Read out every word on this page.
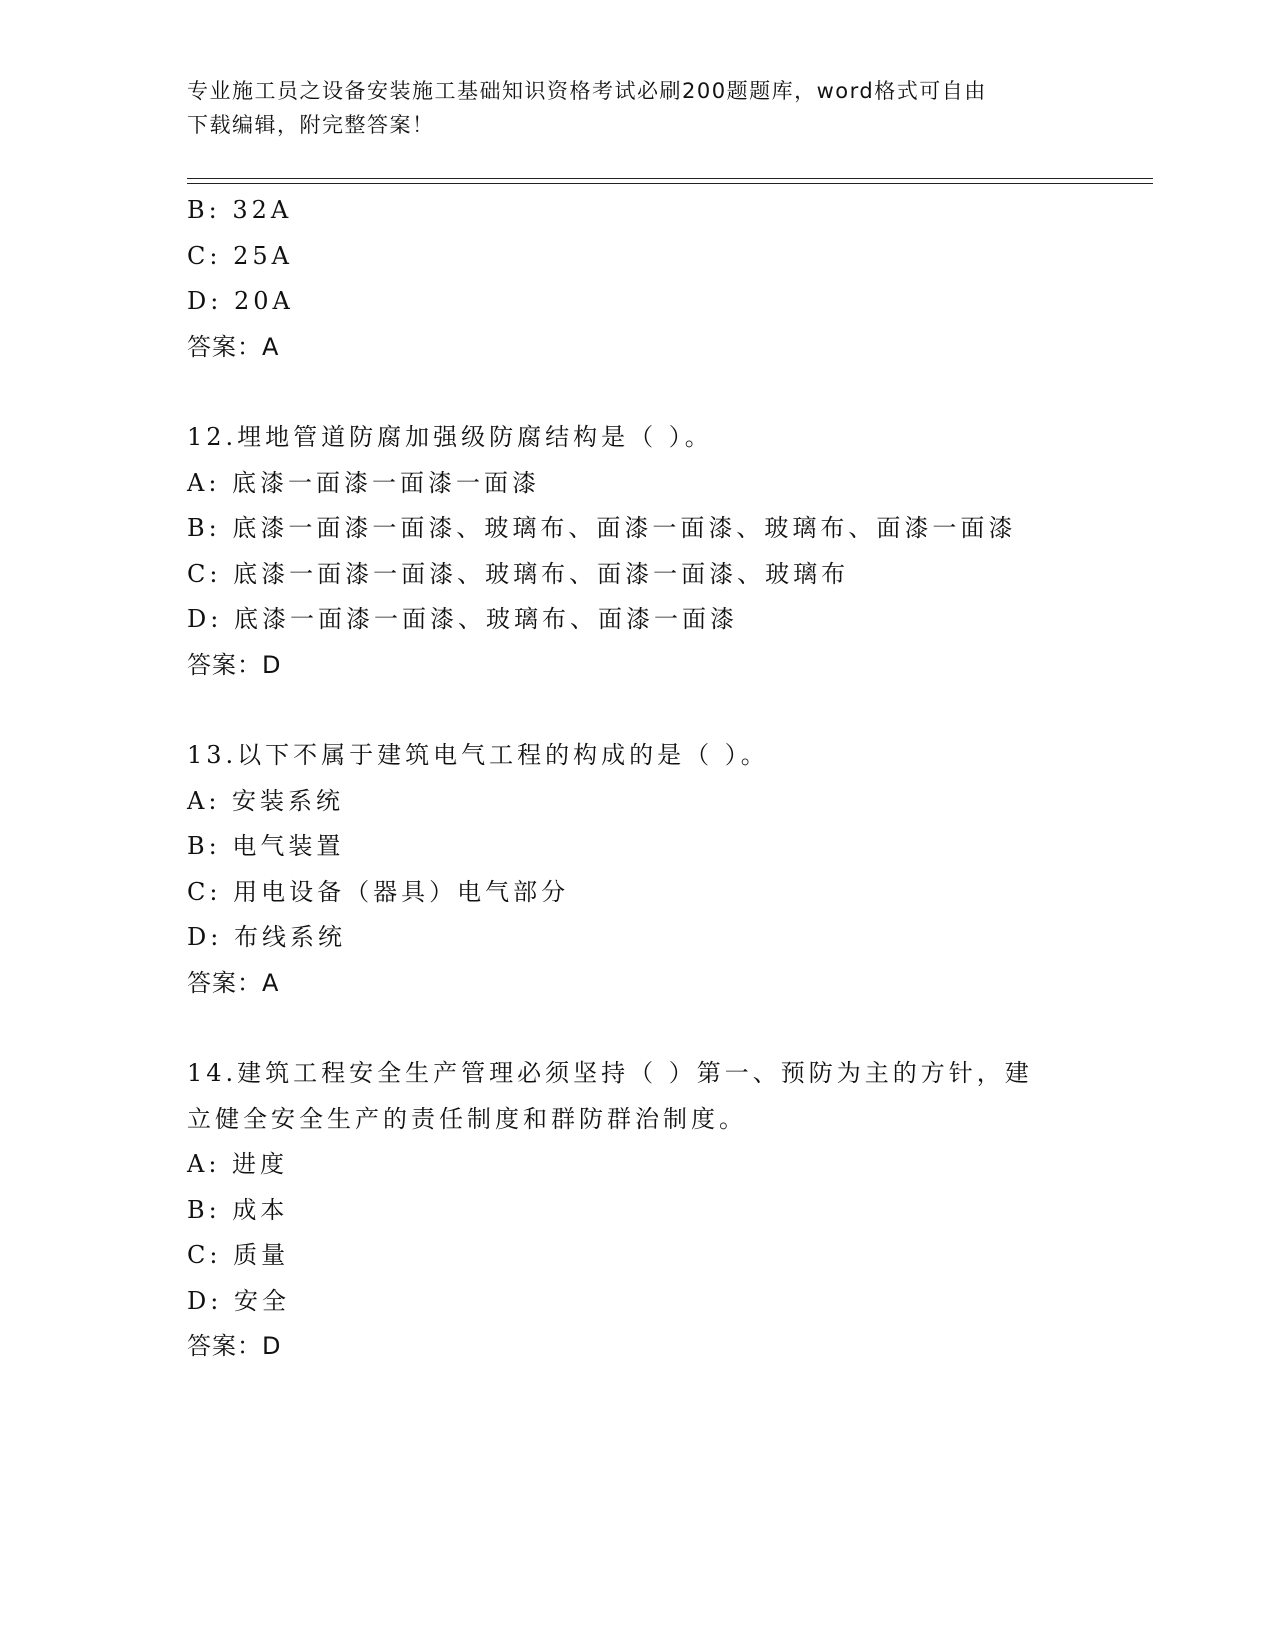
专业施工员之设备安装施工基础知识资格考试必刷200题题库，word格式可自由
下载编辑，附完整答案！
B: 32A
C: 25A
D: 20A
答案：A
12.埋地管道防腐加强级防腐结构是（ ）。
A: 底漆一面漆一面漆一面漆
B: 底漆一面漆一面漆、玻璃布、面漆一面漆、玻璃布、面漆一面漆
C: 底漆一面漆一面漆、玻璃布、面漆一面漆、玻璃布
D: 底漆一面漆一面漆、玻璃布、面漆一面漆
答案：D
13.以下不属于建筑电气工程的构成的是（ ）。
A: 安装系统
B: 电气装置
C: 用电设备（器具）电气部分
D: 布线系统
答案：A
14.建筑工程安全生产管理必须坚持（ ）第一、预防为主的方针，建
立健全安全生产的责任制度和群防群治制度。
A: 进度
B: 成本
C: 质量
D: 安全
答案：D
